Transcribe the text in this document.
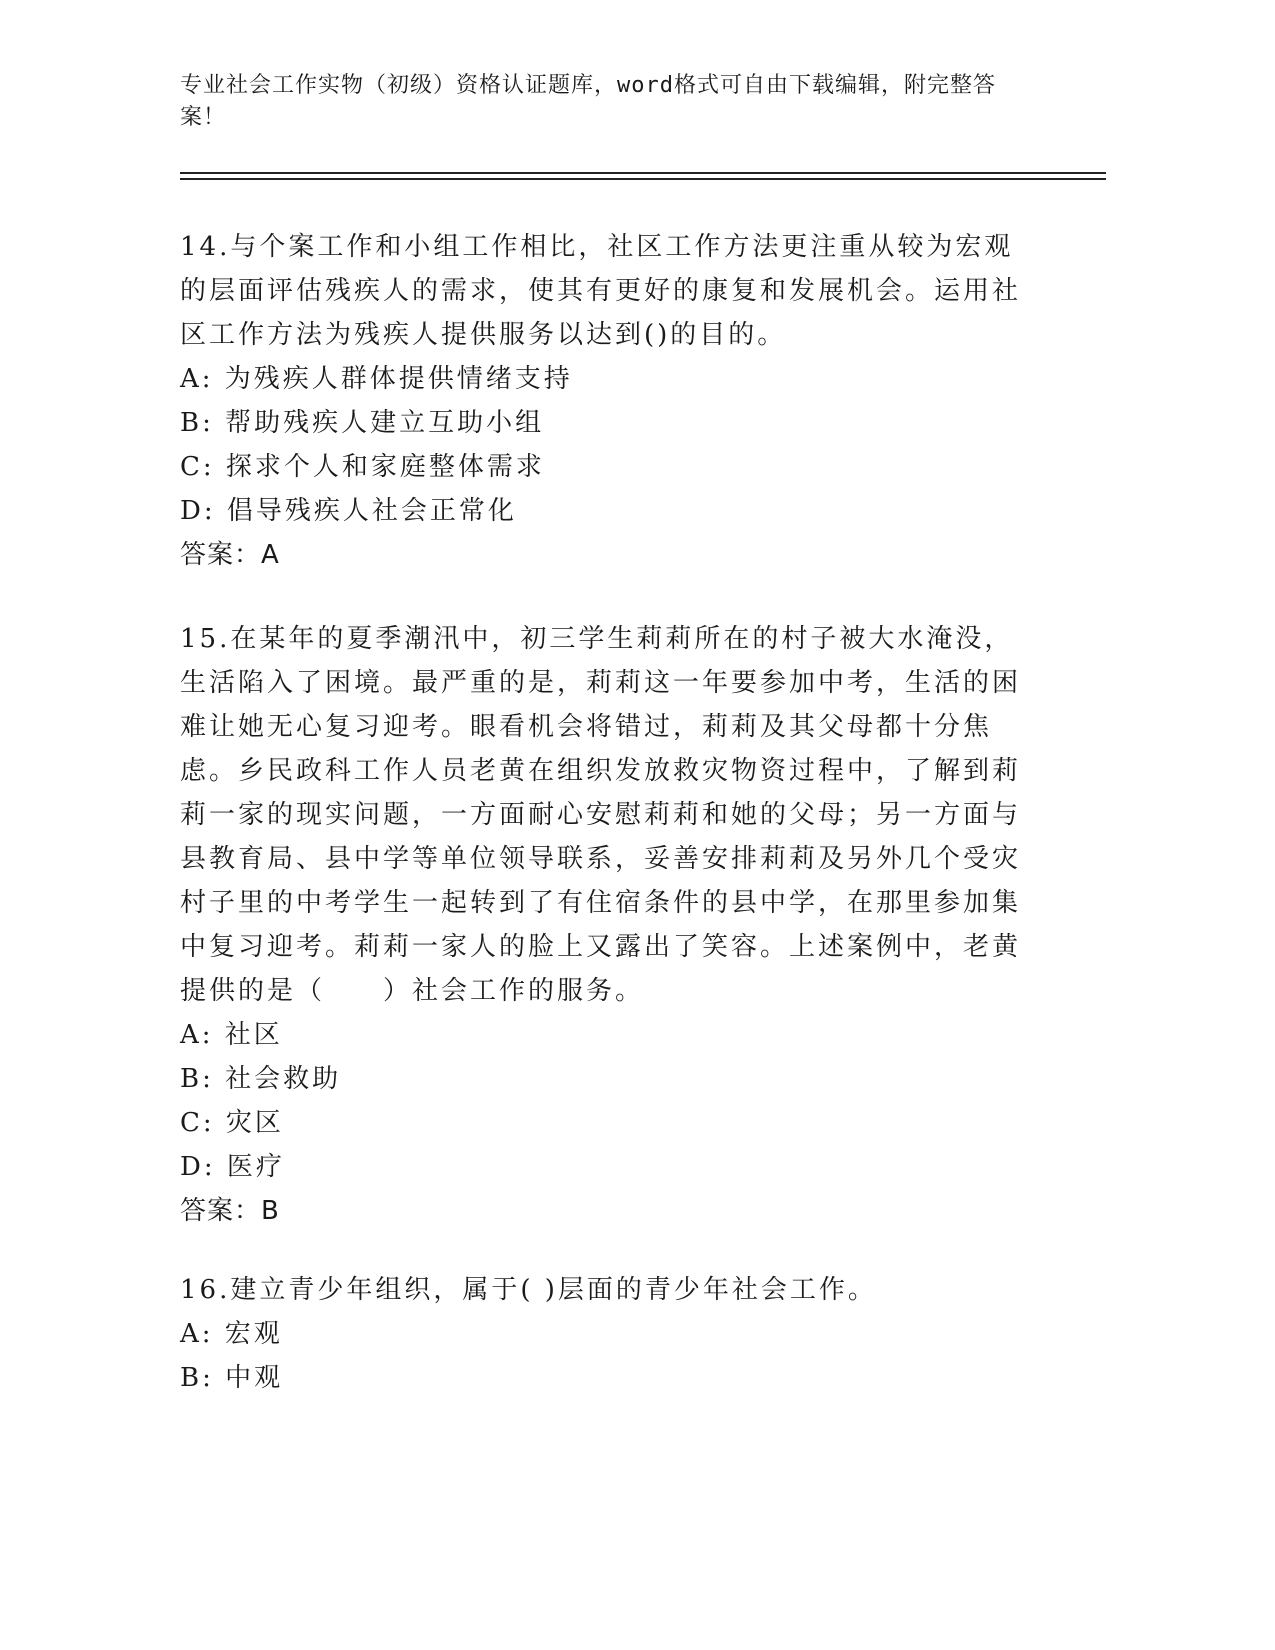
专业社会工作实物（初级）资格认证题库，word格式可自由下载编辑，附完整答案！

14.与个案工作和小组工作相比，社区工作方法更注重从较为宏观的层面评估残疾人的需求，使其有更好的康复和发展机会。运用社区工作方法为残疾人提供服务以达到()的目的。

A: 为残疾人群体提供情绪支持

B: 帮助残疾人建立互助小组

C: 探求个人和家庭整体需求

D: 倡导残疾人社会正常化

答案：A

15.在某年的夏季潮汛中，初三学生莉莉所在的村子被大水淹没，生活陷入了困境。最严重的是，莉莉这一年要参加中考，生活的困难让她无心复习迎考。眼看机会将错过，莉莉及其父母都十分焦虑。乡民政科工作人员老黄在组织发放救灾物资过程中，了解到莉莉一家的现实问题，一方面耐心安慰莉莉和她的父母；另一方面与县教育局、县中学等单位领导联系，妥善安排莉莉及另外几个受灾村子里的中考学生一起转到了有住宿条件的县中学，在那里参加集中复习迎考。莉莉一家人的脸上又露出了笑容。上述案例中，老黄提供的是（　　）社会工作的服务。

A: 社区

B: 社会救助

C: 灾区

D: 医疗

答案：B

16.建立青少年组织，属于( )层面的青少年社会工作。

A: 宏观

B: 中观
